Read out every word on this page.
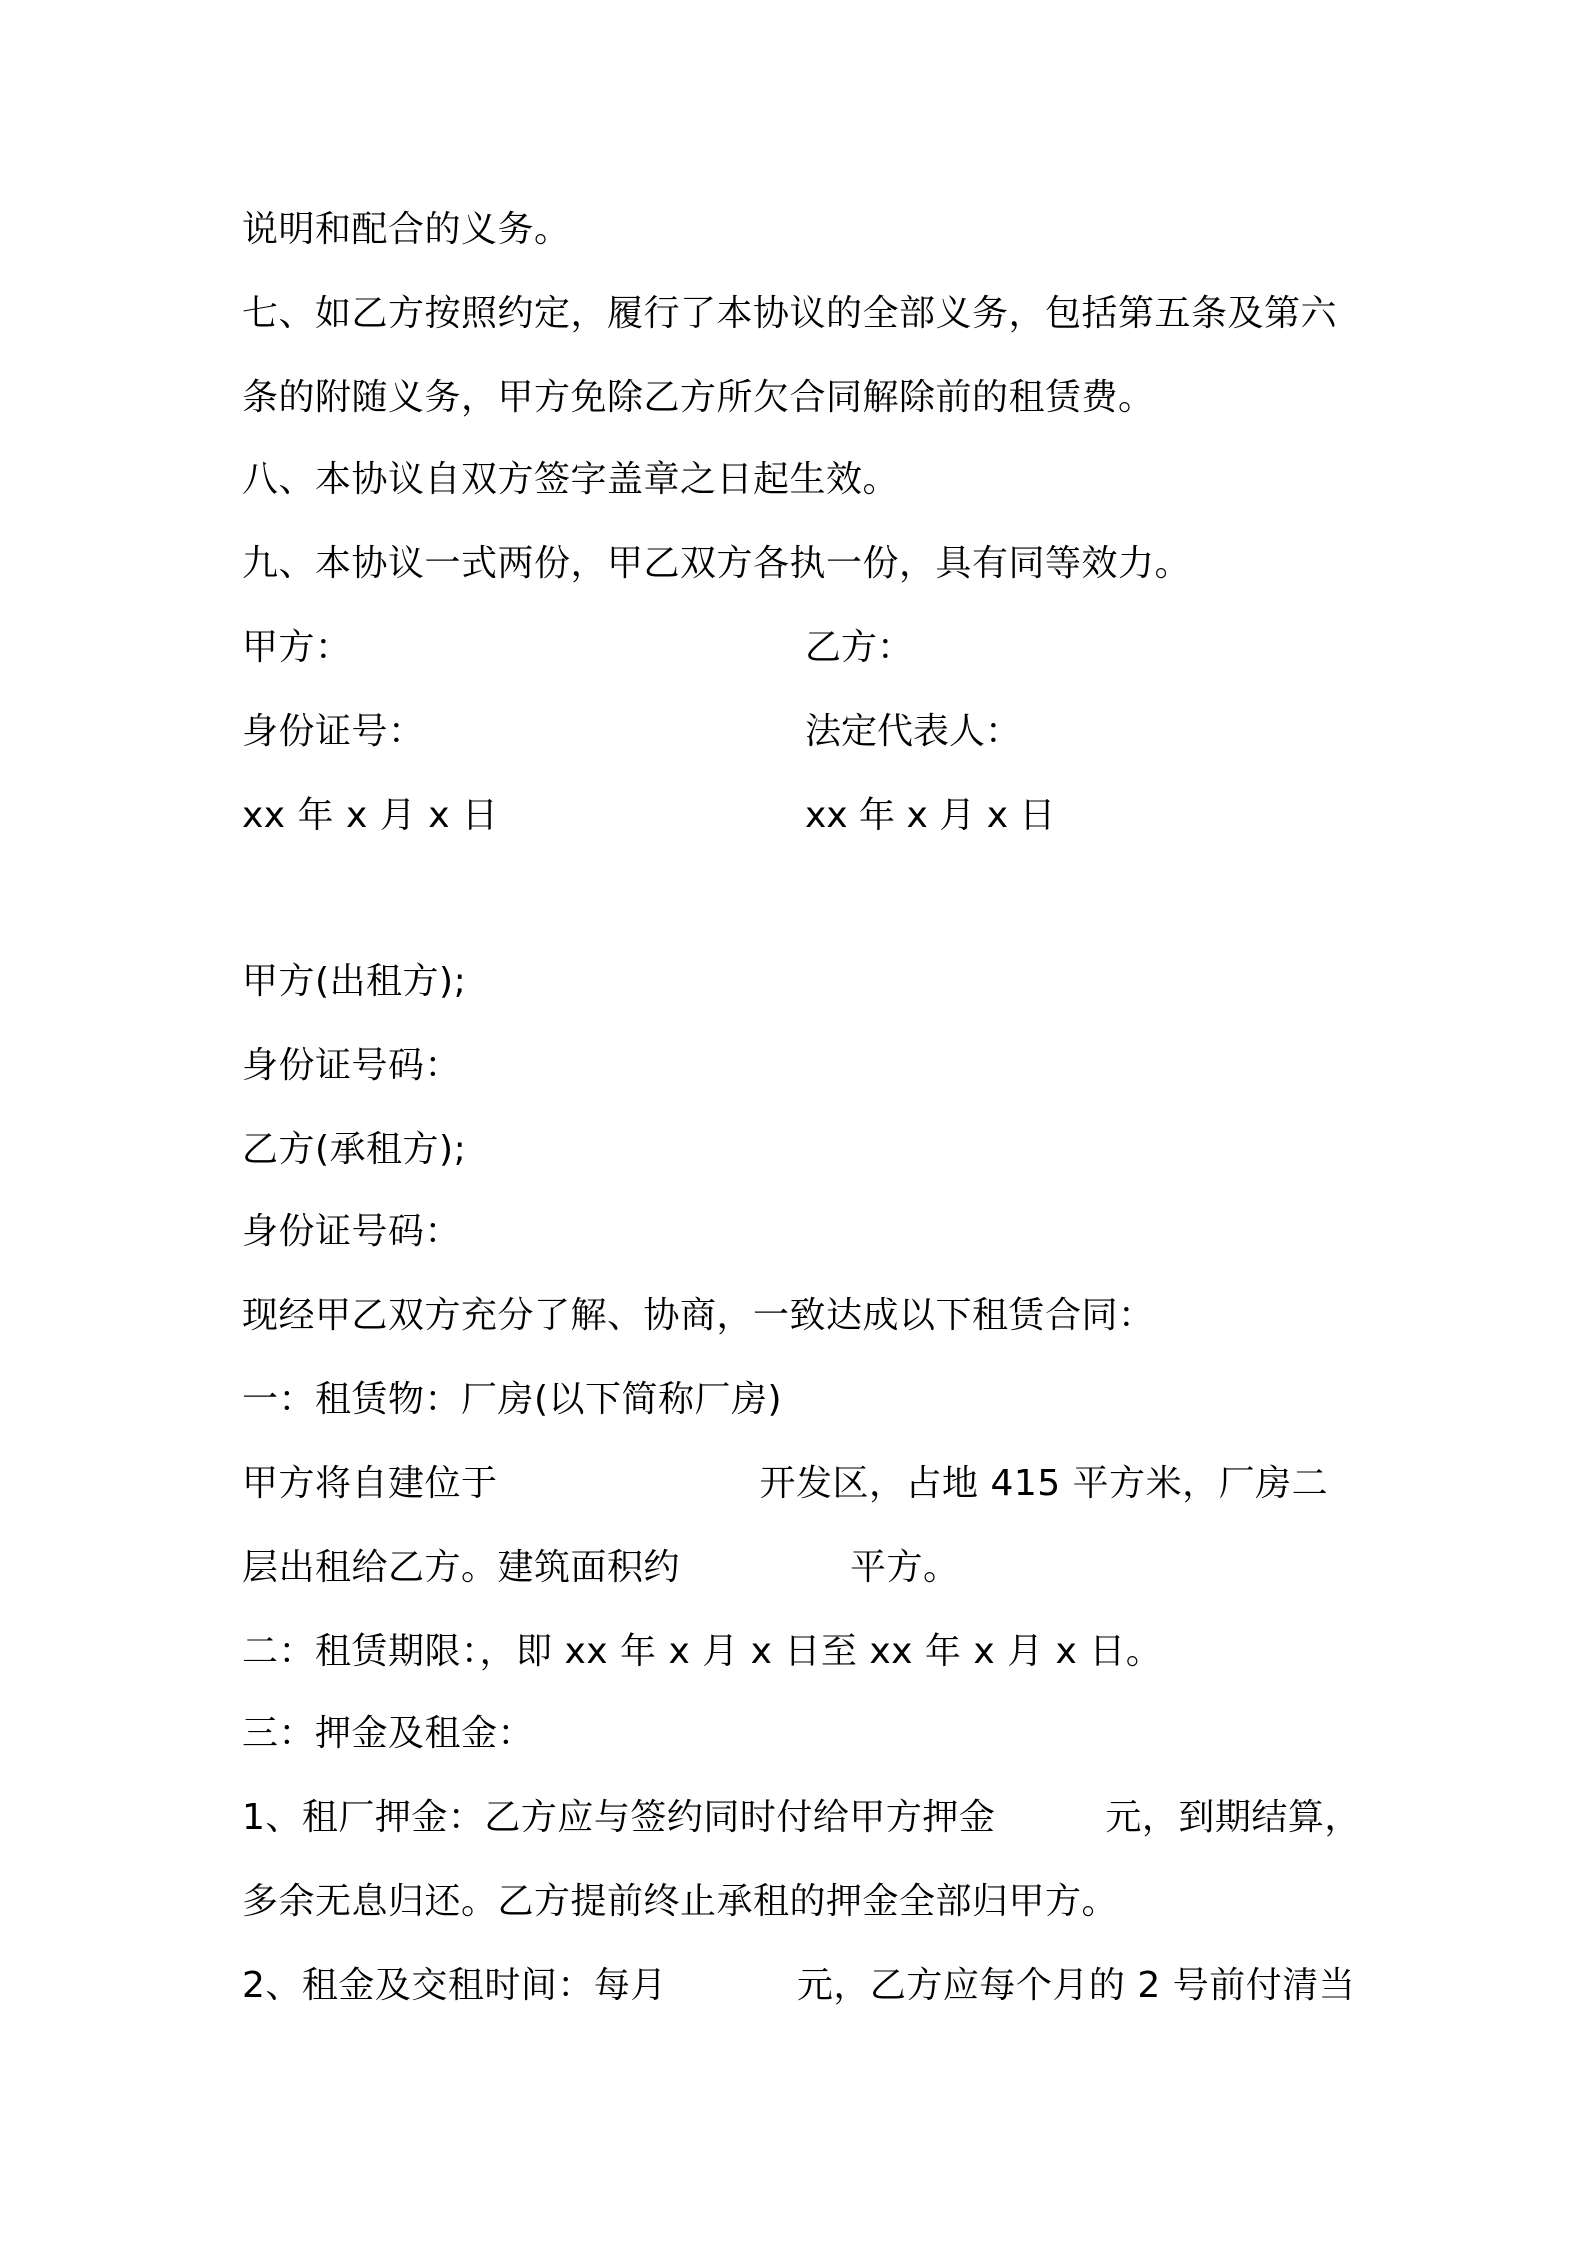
说明和配合的义务。
七、如乙方按照约定，履行了本协议的全部义务，包括第五条及第六
条的附随义务，甲方免除乙方所欠合同解除前的租赁费。
八、本协议自双方签字盖章之日起生效。
九、本协议一式两份，甲乙双方各执一份，具有同等效力。
甲方：	乙方：
身份证号：	法定代表人：
xx 年 x 月 x 日	xx 年 x 月 x 日
甲方(出租方);
身份证号码：
乙方(承租方);
身份证号码：
现经甲乙双方充分了解、协商，一致达成以下租赁合同：
一：租赁物：厂房(以下简称厂房)
甲方将自建位于	开发区，占地 415 平方米，厂房二
层出租给乙方。建筑面积约	平方。
二：租赁期限：，即 xx 年 x 月 x 日至 xx 年 x 月 x 日。
三：押金及租金：
1、租厂押金：乙方应与签约同时付给甲方押金	元，到期结算，
多余无息归还。乙方提前终止承租的押金全部归甲方。
2、租金及交租时间：每月	元，乙方应每个月的 2 号前付清当
